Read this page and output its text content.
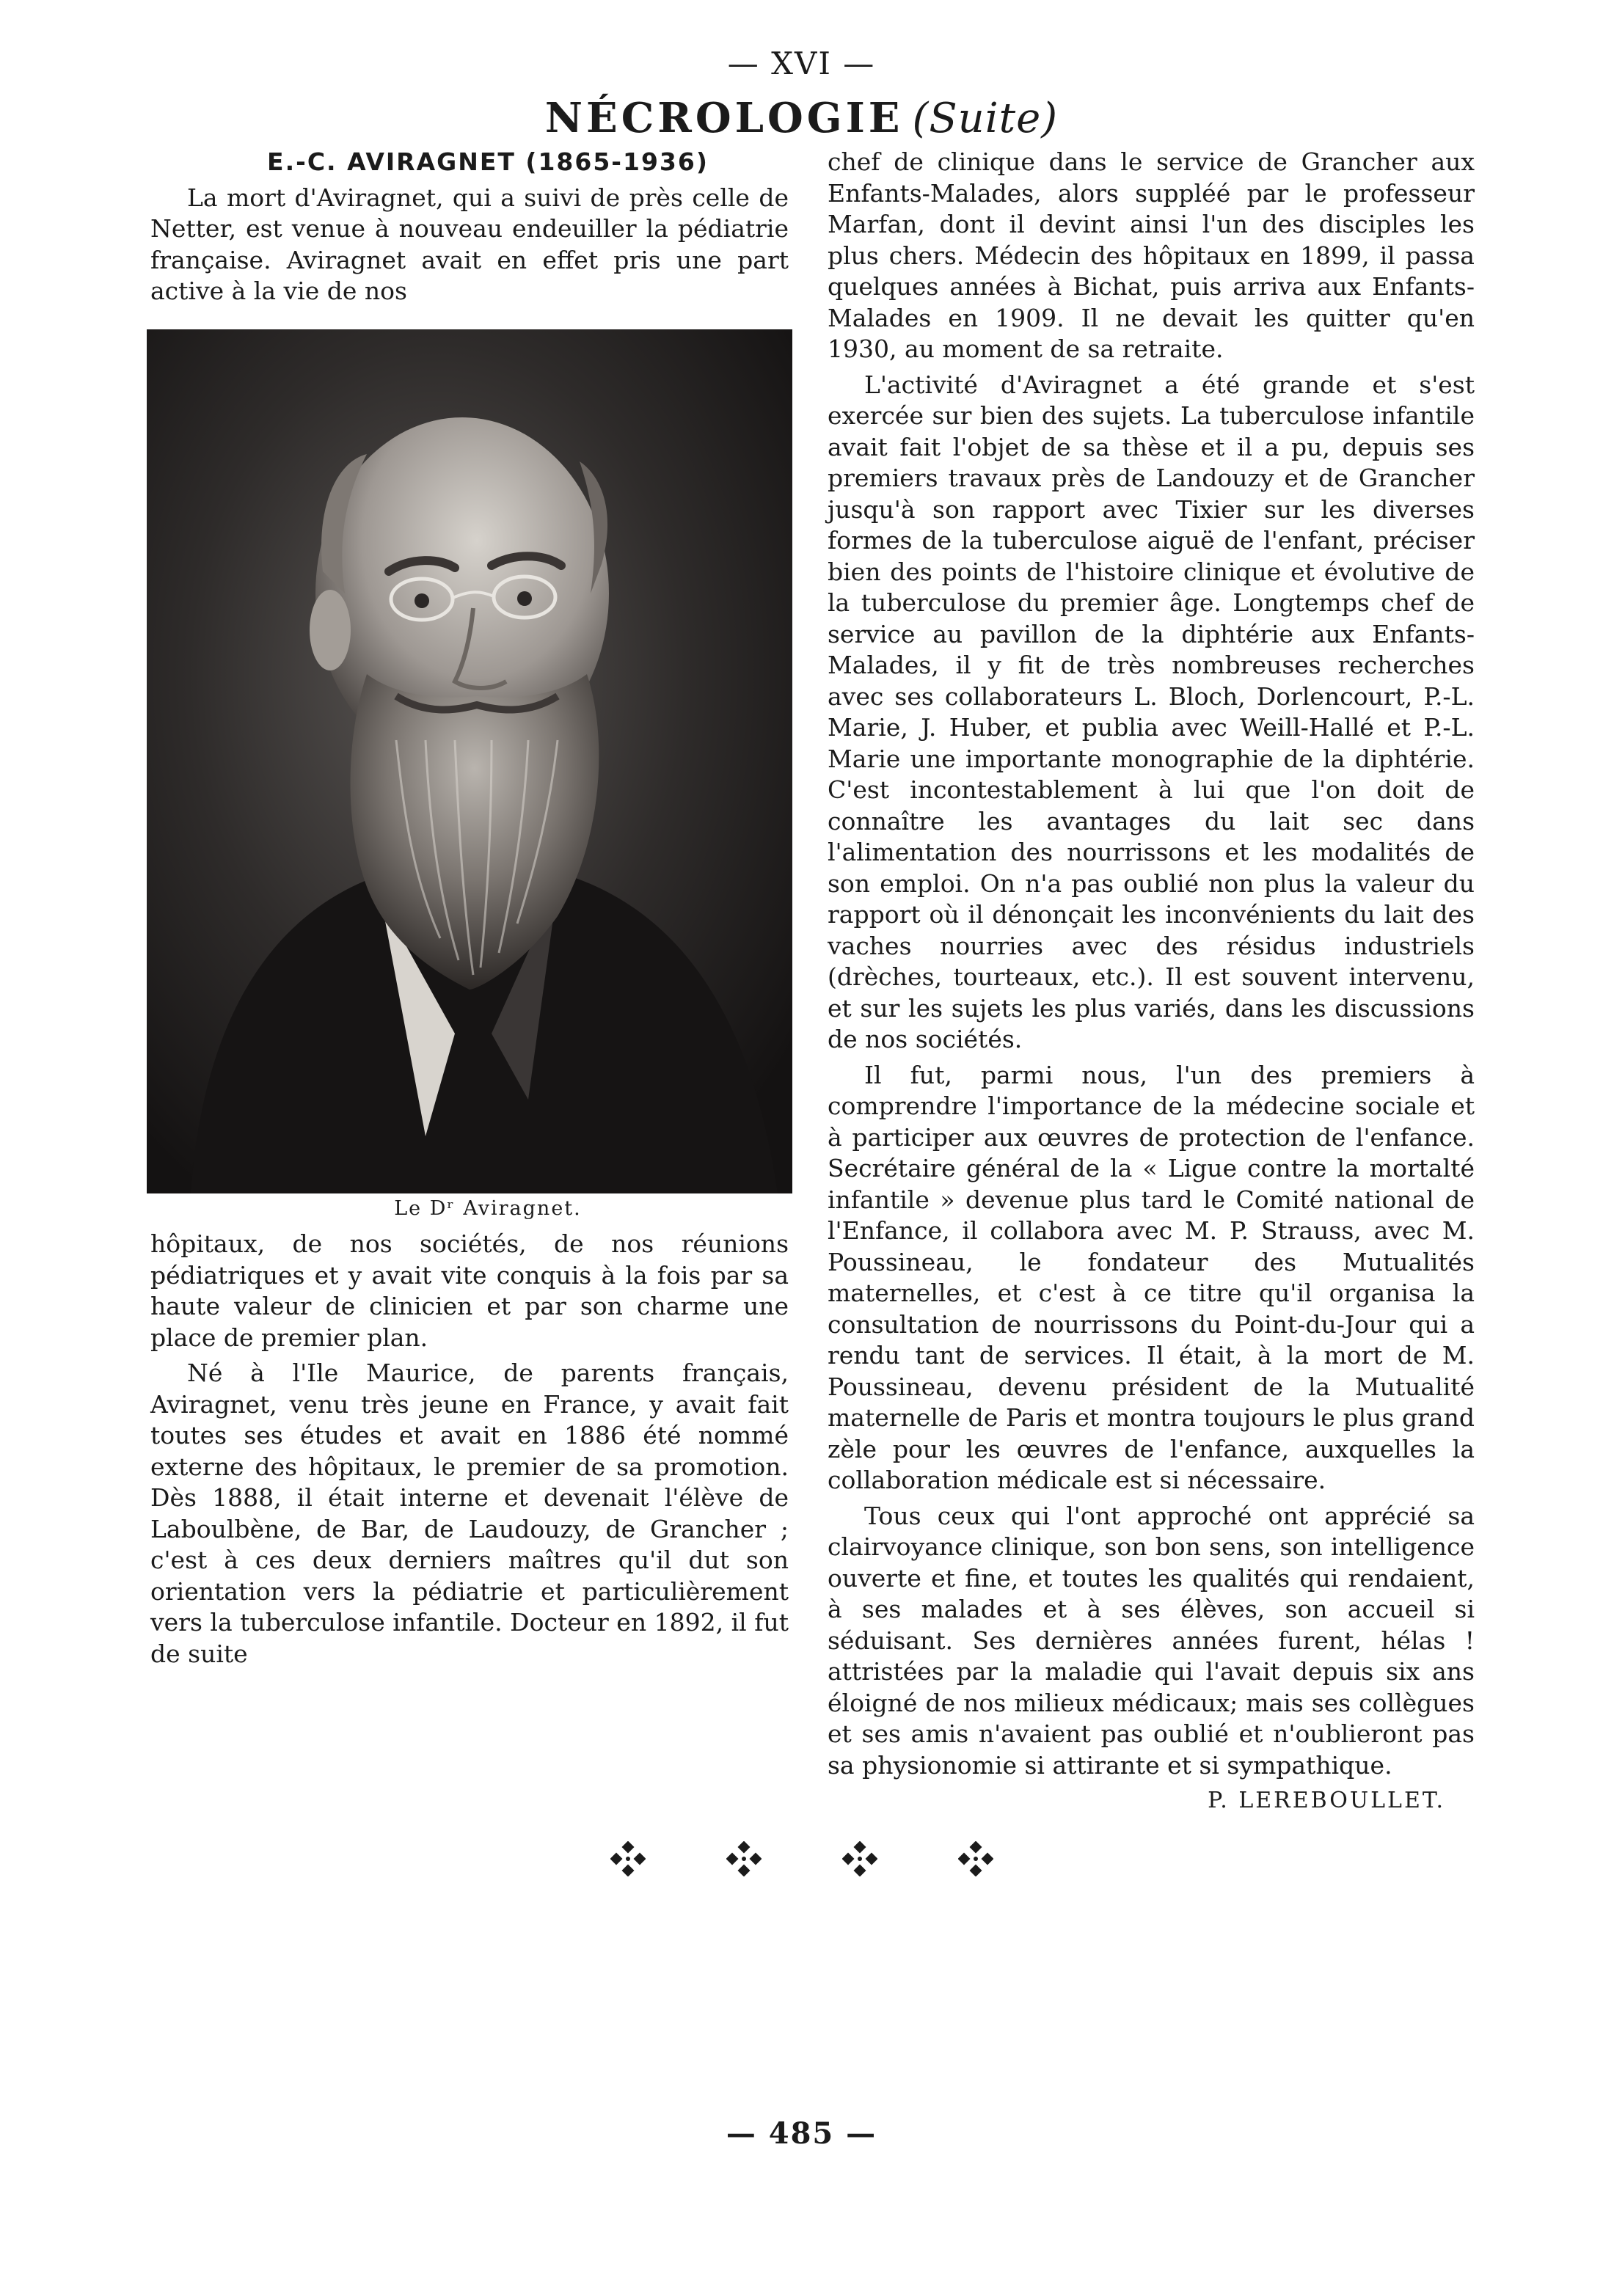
— XVI —
NÉCROLOGIE (Suite)

E.-C. AVIRAGNET (1865-1936)

La mort d'Aviragnet, qui a suivi de près celle de Netter, est venue à nouveau endeuiller la pédiatrie française. Aviragnet avait en effet pris une part active à la vie de nos

Le Dʳ Aviragnet.

hôpitaux, de nos sociétés, de nos réunions pédiatriques et y avait vite conquis à la fois par sa haute valeur de clinicien et par son charme une place de premier plan.

Né à l'Ile Maurice, de parents français, Aviragnet, venu très jeune en France, y avait fait toutes ses études et avait en 1886 été nommé externe des hôpitaux, le premier de sa promotion. Dès 1888, il était interne et devenait l'élève de Laboulbène, de Bar, de Laudouzy, de Grancher ; c'est à ces deux derniers maîtres qu'il dut son orientation vers la pédiatrie et particulièrement vers la tuberculose infantile. Docteur en 1892, il fut de suite

chef de clinique dans le service de Grancher aux Enfants-Malades, alors suppléé par le professeur Marfan, dont il devint ainsi l'un des disciples les plus chers. Médecin des hôpitaux en 1899, il passa quelques années à Bichat, puis arriva aux Enfants-Malades en 1909. Il ne devait les quitter qu'en 1930, au moment de sa retraite.

L'activité d'Aviragnet a été grande et s'est exercée sur bien des sujets. La tuberculose infantile avait fait l'objet de sa thèse et il a pu, depuis ses premiers travaux près de Landouzy et de Grancher jusqu'à son rapport avec Tixier sur les diverses formes de la tuberculose aiguë de l'enfant, préciser bien des points de l'histoire clinique et évolutive de la tuberculose du premier âge. Longtemps chef de service au pavillon de la diphtérie aux Enfants-Malades, il y fit de très nombreuses recherches avec ses collaborateurs L. Bloch, Dorlencourt, P.-L. Marie, J. Huber, et publia avec Weill-Hallé et P.-L. Marie une importante monographie de la diphtérie. C'est incontestablement à lui que l'on doit de connaître les avantages du lait sec dans l'alimentation des nourrissons et les modalités de son emploi. On n'a pas oublié non plus la valeur du rapport où il dénonçait les inconvénients du lait des vaches nourries avec des résidus industriels (drèches, tourteaux, etc.). Il est souvent intervenu, et sur les sujets les plus variés, dans les discussions de nos sociétés.

Il fut, parmi nous, l'un des premiers à comprendre l'importance de la médecine sociale et à participer aux œuvres de protection de l'enfance. Secrétaire général de la « Ligue contre la mortalté infantile » devenue plus tard le Comité national de l'Enfance, il collabora avec M. P. Strauss, avec M. Poussineau, le fondateur des Mutualités maternelles, et c'est à ce titre qu'il organisa la consultation de nourrissons du Point-du-Jour qui a rendu tant de services. Il était, à la mort de M. Poussineau, devenu président de la Mutualité maternelle de Paris et montra toujours le plus grand zèle pour les œuvres de l'enfance, auxquelles la collaboration médicale est si nécessaire.

Tous ceux qui l'ont approché ont apprécié sa clairvoyance clinique, son bon sens, son intelligence ouverte et fine, et toutes les qualités qui rendaient, à ses malades et à ses élèves, son accueil si séduisant. Ses dernières années furent, hélas ! attristées par la maladie qui l'avait depuis six ans éloigné de nos milieux médicaux; mais ses collègues et ses amis n'avaient pas oublié et n'oublieront pas sa physionomie si attirante et si sympathique.

P. LEREBOULLET.

— 485 —
